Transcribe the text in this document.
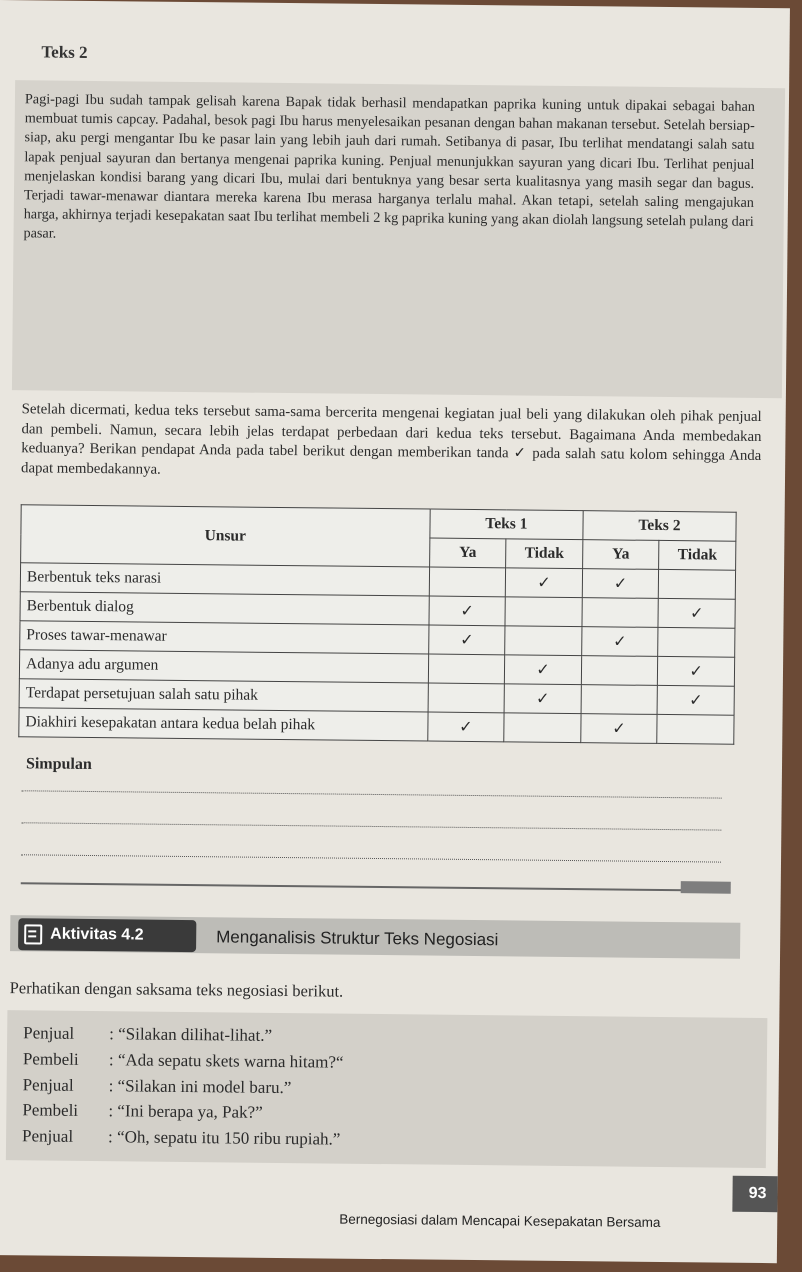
Teks 2

Pagi-pagi Ibu sudah tampak gelisah karena Bapak tidak berhasil mendapatkan paprika kuning untuk dipakai sebagai bahan membuat tumis capcay. Padahal, besok pagi Ibu harus menyelesaikan pesanan dengan bahan makanan tersebut. Setelah bersiap-siap, aku pergi mengantar Ibu ke pasar lain yang lebih jauh dari rumah. Setibanya di pasar, Ibu terlihat mendatangi salah satu lapak penjual sayuran dan bertanya mengenai paprika kuning. Penjual menunjukkan sayuran yang dicari Ibu. Terlihat penjual menjelaskan kondisi barang yang dicari Ibu, mulai dari bentuknya yang besar serta kualitasnya yang masih segar dan bagus. Terjadi tawar-menawar diantara mereka karena Ibu merasa harganya terlalu mahal. Akan tetapi, setelah saling mengajukan harga, akhirnya terjadi kesepakatan saat Ibu terlihat membeli 2 kg paprika kuning yang akan diolah langsung setelah pulang dari pasar.

Setelah dicermati, kedua teks tersebut sama-sama bercerita mengenai kegiatan jual beli yang dilakukan oleh pihak penjual dan pembeli. Namun, secara lebih jelas terdapat perbedaan dari kedua teks tersebut. Bagaimana Anda membedakan keduanya? Berikan pendapat Anda pada tabel berikut dengan memberikan tanda ✓ pada salah satu kolom sehingga Anda dapat membedakannya.

Unsur	Teks 1		Teks 2	
	Ya	Tidak	Ya	Tidak
Berbentuk teks narasi		✓	✓	
Berbentuk dialog	✓			✓
Proses tawar-menawar	✓		✓	
Adanya adu argumen		✓		✓
Terdapat persetujuan salah satu pihak		✓		✓
Diakhiri kesepakatan antara kedua belah pihak	✓		✓	
Simpulan
Aktivitas 4.2	Menganalisis Struktur Teks Negosiasi
Perhatikan dengan saksama teks negosiasi berikut.
Penjual : “Silakan dilihat-lihat.”
Pembeli : “Ada sepatu skets warna hitam?“
Penjual : “Silakan ini model baru.”
Pembeli : “Ini berapa ya, Pak?”
Penjual : “Oh, sepatu itu 150 ribu rupiah.”
Bernegosiasi dalam Mencapai Kesepakatan Bersama
93
